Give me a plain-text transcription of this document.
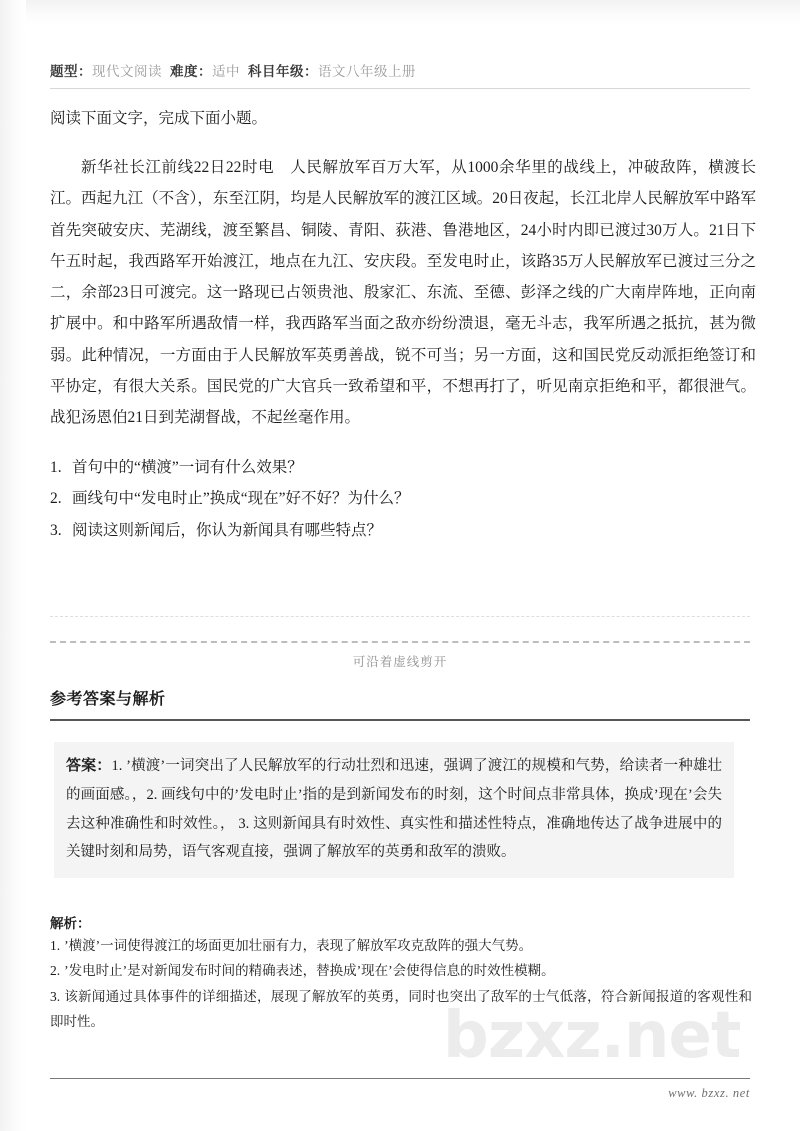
bzxz.net
题型：现代文阅读 难度：适中 科目年级：语文八年级上册
阅读下面文字，完成下面小题。
新华社长江前线22日22时电　人民解放军百万大军，从1000余华里的战线上，冲破敌阵，横渡长江。西起九江（不含），东至江阴，均是人民解放军的渡江区域。20日夜起，长江北岸人民解放军中路军首先突破安庆、芜湖线，渡至繁昌、铜陵、青阳、荻港、鲁港地区，24小时内即已渡过30万人。21日下午五时起，我西路军开始渡江，地点在九江、安庆段。至发电时止，该路35万人民解放军已渡过三分之二，余部23日可渡完。这一路现已占领贵池、殷家汇、东流、至德、彭泽之线的广大南岸阵地，正向南扩展中。和中路军所遇敌情一样，我西路军当面之敌亦纷纷溃退，毫无斗志，我军所遇之抵抗，甚为微弱。此种情况，一方面由于人民解放军英勇善战，锐不可当；另一方面，这和国民党反动派拒绝签订和平协定，有很大关系。国民党的广大官兵一致希望和平，不想再打了，听见南京拒绝和平，都很泄气。战犯汤恩伯21日到芜湖督战，不起丝毫作用。
1. 首句中的“横渡”一词有什么效果？
2. 画线句中“发电时止”换成“现在”好不好？为什么？
3. 阅读这则新闻后，你认为新闻具有哪些特点？
可沿着虚线剪开
参考答案与解析
答案：1. ’横渡’一词突出了人民解放军的行动壮烈和迅速，强调了渡江的规模和气势，给读者一种雄壮的画面感。，2. 画线句中的’发电时止’指的是到新闻发布的时刻，这个时间点非常具体，换成’现在’会失去这种准确性和时效性。， 3. 这则新闻具有时效性、真实性和描述性特点，准确地传达了战争进展中的关键时刻和局势，语气客观直接，强调了解放军的英勇和敌军的溃败。
解析：
1. ’横渡’一词使得渡江的场面更加壮丽有力，表现了解放军攻克敌阵的强大气势。
2. ’发电时止’是对新闻发布时间的精确表述，替换成’现在’会使得信息的时效性模糊。
3. 该新闻通过具体事件的详细描述，展现了解放军的英勇，同时也突出了敌军的士气低落，符合新闻报道的客观性和即时性。
www. bzxz. net
